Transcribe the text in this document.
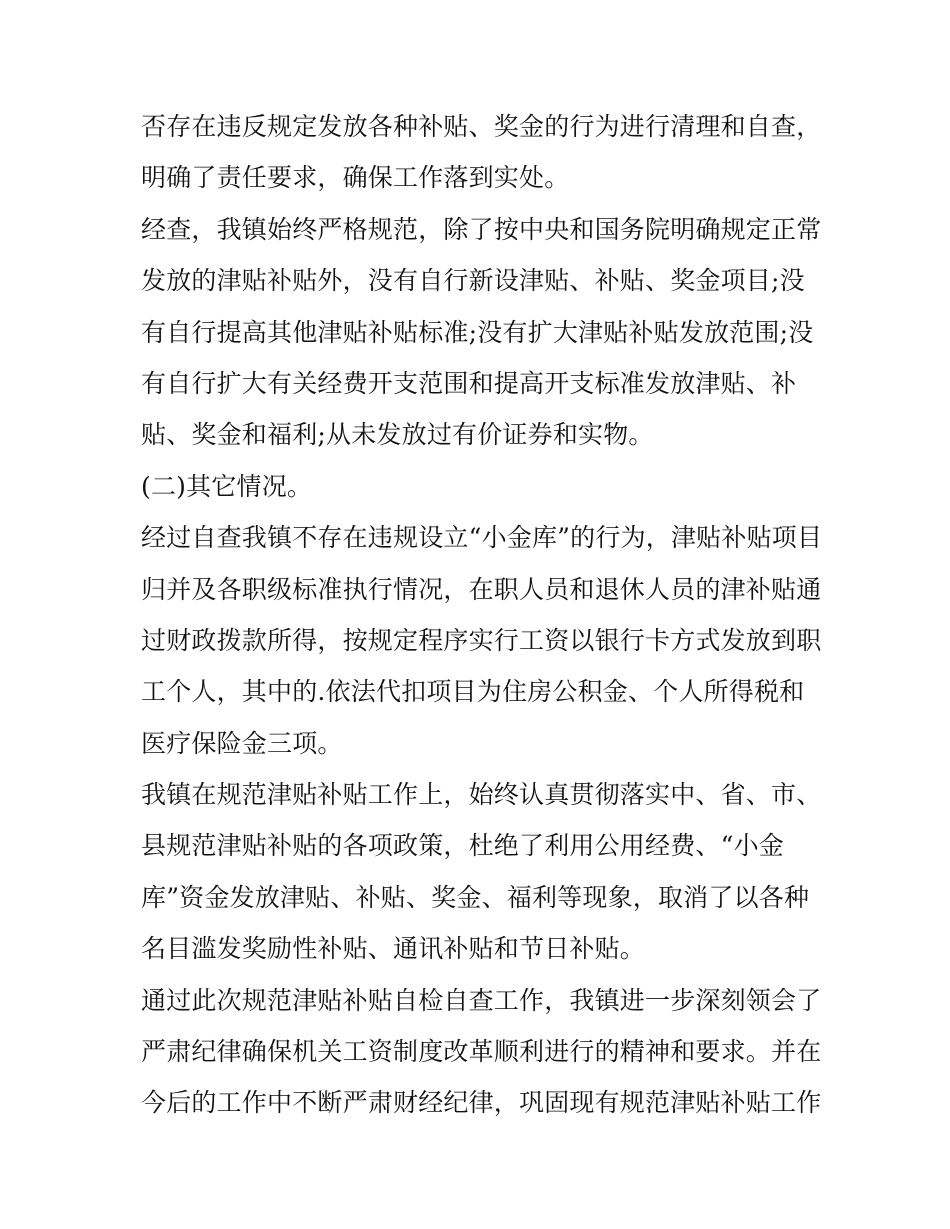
否存在违反规定发放各种补贴、奖金的行为进行清理和自查，
明确了责任要求，确保工作落到实处。
经查，我镇始终严格规范，除了按中央和国务院明确规定正常
发放的津贴补贴外，没有自行新设津贴、补贴、奖金项目;没
有自行提高其他津贴补贴标准;没有扩大津贴补贴发放范围;没
有自行扩大有关经费开支范围和提高开支标准发放津贴、补
贴、奖金和福利;从未发放过有价证券和实物。
(二)其它情况。
经过自查我镇不存在违规设立“小金库”的行为，津贴补贴项目
归并及各职级标准执行情况，在职人员和退休人员的津补贴通
过财政拨款所得，按规定程序实行工资以银行卡方式发放到职
工个人，其中的.依法代扣项目为住房公积金、个人所得税和
医疗保险金三项。
我镇在规范津贴补贴工作上，始终认真贯彻落实中、省、市、
县规范津贴补贴的各项政策，杜绝了利用公用经费、“小金
库”资金发放津贴、补贴、奖金、福利等现象，取消了以各种
名目滥发奖励性补贴、通讯补贴和节日补贴。
通过此次规范津贴补贴自检自查工作，我镇进一步深刻领会了
严肃纪律确保机关工资制度改革顺利进行的精神和要求。并在
今后的工作中不断严肃财经纪律，巩固现有规范津贴补贴工作
